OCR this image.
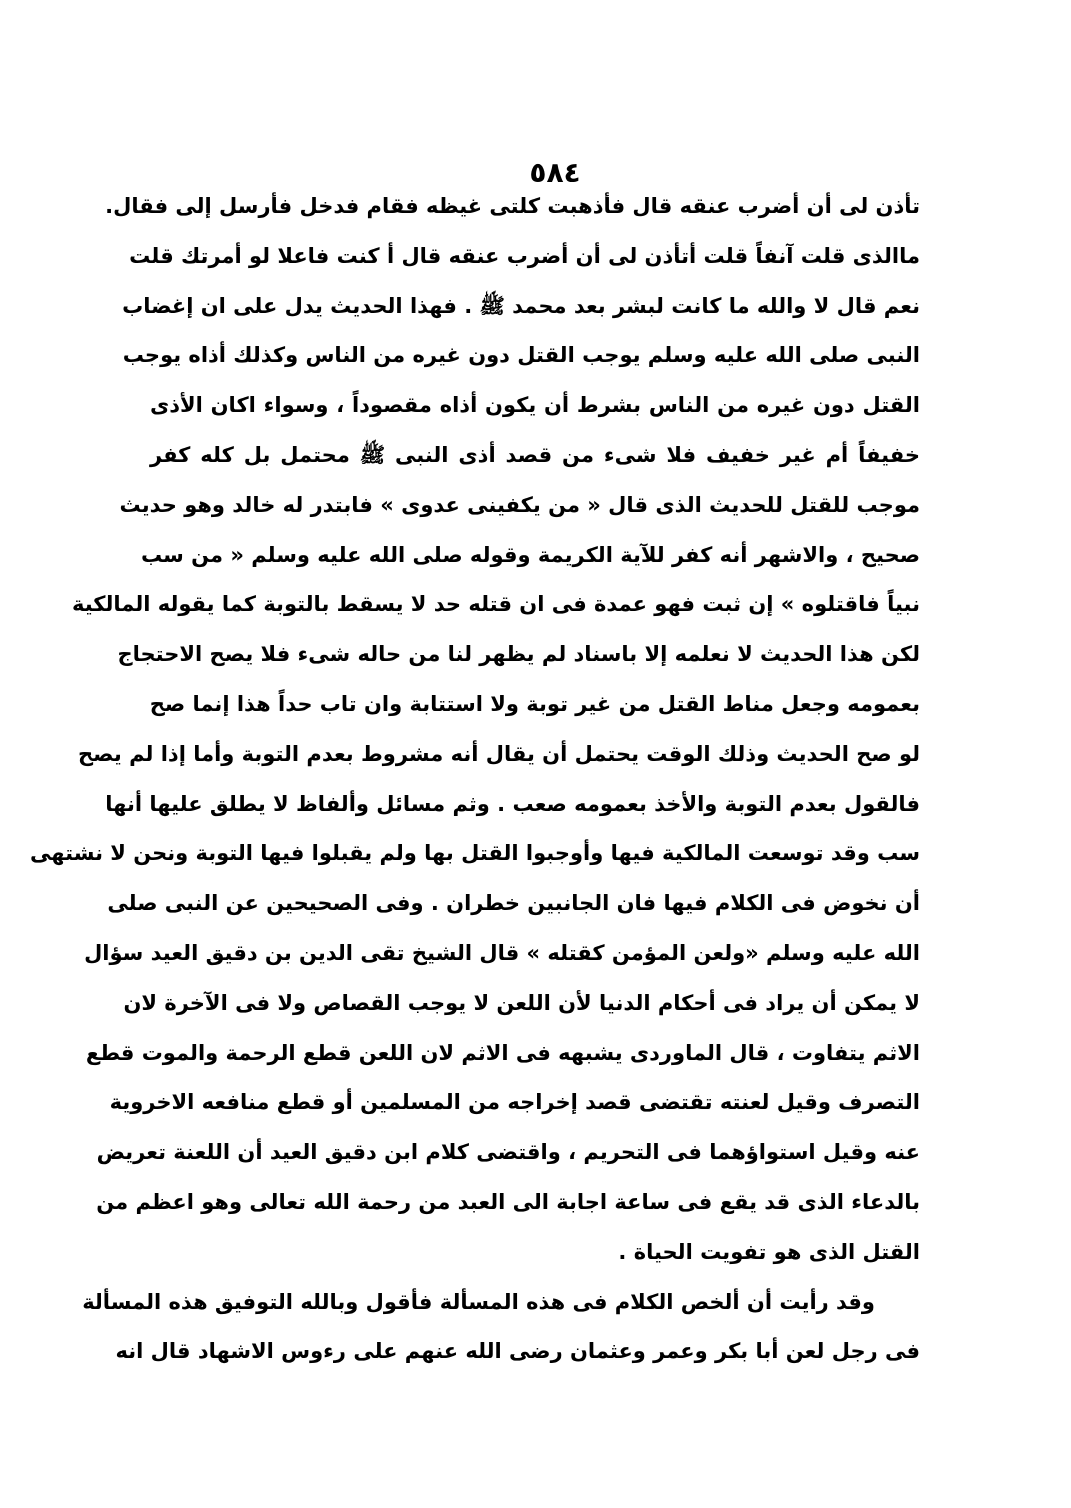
٥٨٤
تأذن لى أن أضرب عنقه قال فأذهبت كلتى غيظه فقام فدخل فأرسل إلى فقال.
ماالذى قلت آنفاً قلت أتأذن لى أن أضرب عنقه قال أ كنت فاعلا لو أمرتك قلت
نعم قال لا والله ما كانت لبشر بعد محمد ﷺ . فهذا الحديث يدل على ان إغضاب
النبى صلى الله عليه وسلم يوجب القتل دون غيره من الناس وكذلك أذاه يوجب
القتل دون غيره من الناس بشرط أن يكون أذاه مقصوداً ، وسواء اكان الأذى
خفيفاً أم غير خفيف فلا شىء من قصد أذى النبى ﷺ محتمل بل كله كفر
موجب للقتل للحديث الذى قال « من يكفينى عدوى » فابتدر له خالد وهو حديث
صحيح ، والاشهر أنه كفر للآية الكريمة وقوله صلى الله عليه وسلم « من سب
نبياً فاقتلوه » إن ثبت فهو عمدة فى ان قتله حد لا يسقط بالتوبة كما يقوله المالكية
لكن هذا الحديث لا نعلمه إلا باسناد لم يظهر لنا من حاله شىء فلا يصح الاحتجاج
بعمومه وجعل مناط القتل من غير توبة ولا استتابة وان تاب حداً هذا إنما صح
لو صح الحديث وذلك الوقت يحتمل أن يقال أنه مشروط بعدم التوبة وأما إذا لم يصح
فالقول بعدم التوبة والأخذ بعمومه صعب . وثم مسائل وألفاظ لا يطلق عليها أنها
سب وقد توسعت المالكية فيها وأوجبوا القتل بها ولم يقبلوا فيها التوبة ونحن لا نشتهى
أن نخوض فى الكلام فيها فان الجانبين خطران . وفى الصحيحين عن النبى صلى
الله عليه وسلم «ولعن المؤمن كقتله » قال الشيخ تقى الدين بن دقيق العيد سؤال
لا يمكن أن يراد فى أحكام الدنيا لأن اللعن لا يوجب القصاص ولا فى الآخرة لان
الاثم يتفاوت ، قال الماوردى يشبهه فى الاثم لان اللعن قطع الرحمة والموت قطع
التصرف وقيل لعنته تقتضى قصد إخراجه من المسلمين أو قطع منافعه الاخروية
عنه وقيل استواؤهما فى التحريم ، واقتضى كلام ابن دقيق العيد أن اللعنة تعريض
بالدعاء الذى قد يقع فى ساعة اجابة الى العبد من رحمة الله تعالى وهو اعظم من
القتل الذى هو تفويت الحياة .
وقد رأيت أن ألخص الكلام فى هذه المسألة فأقول وبالله التوفيق هذه المسألة
فى رجل لعن أبا بكر وعمر وعثمان رضى الله عنهم على رءوس الاشهاد قال انه
